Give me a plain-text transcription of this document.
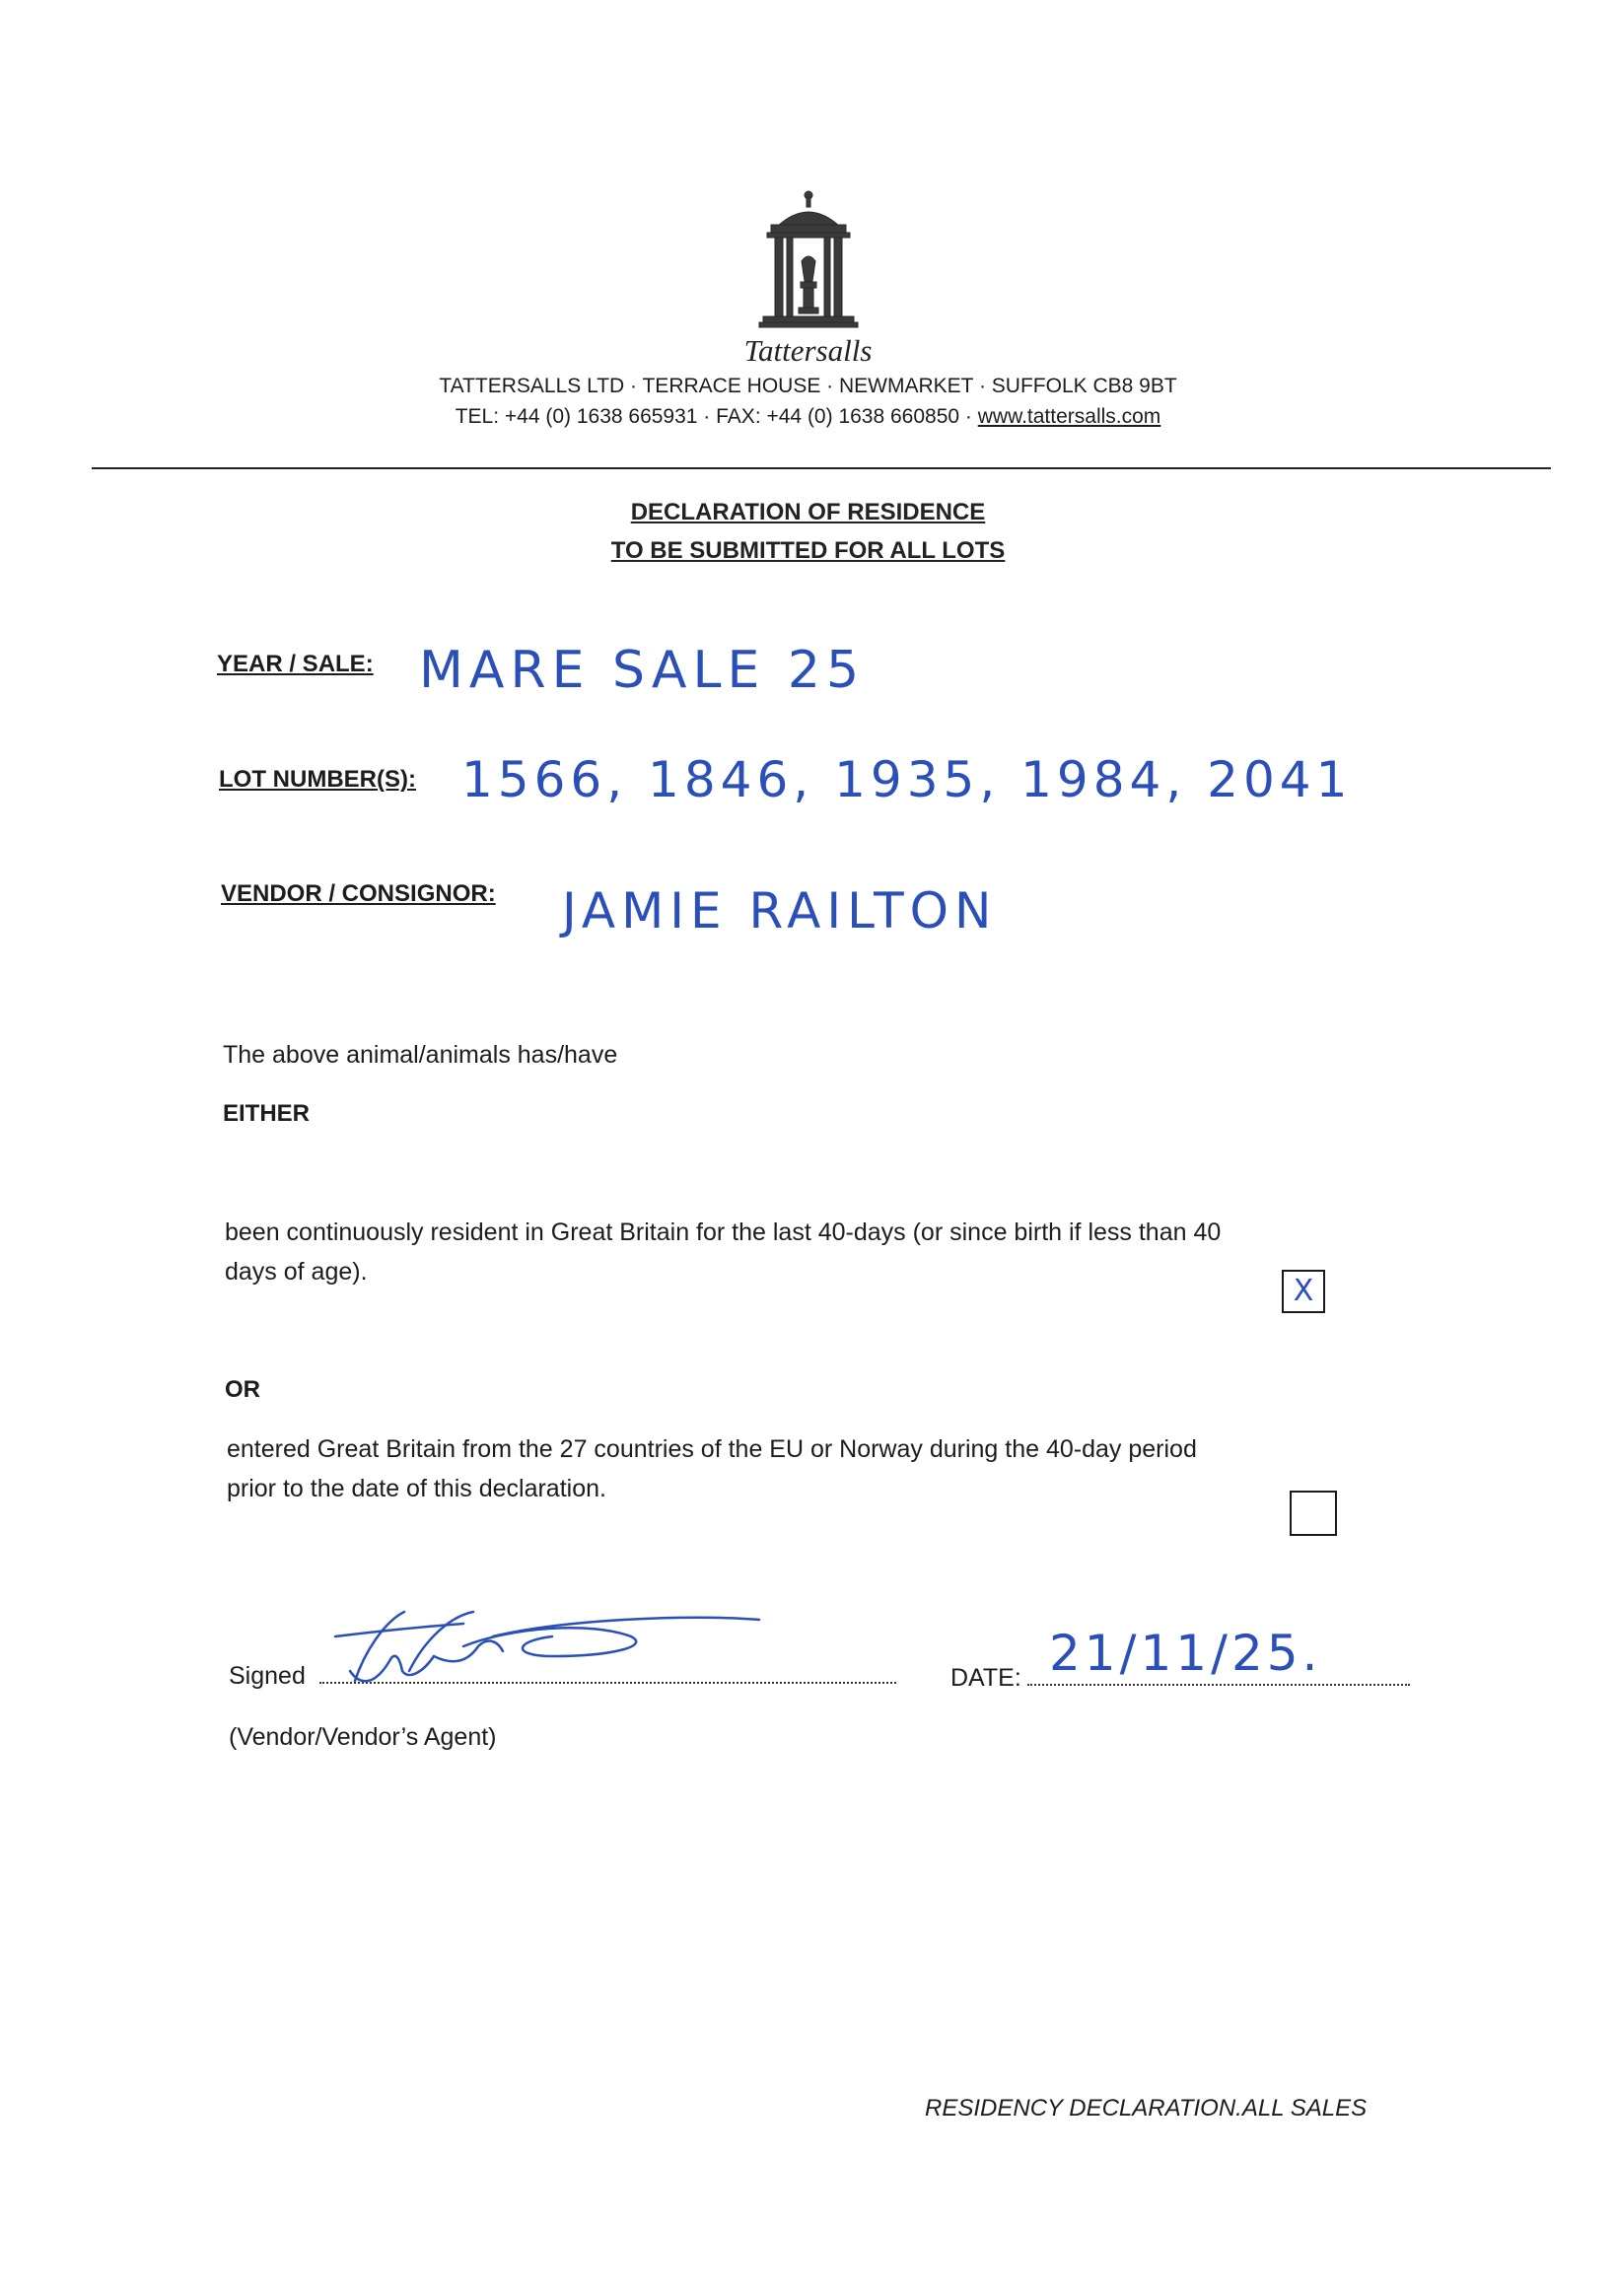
Tattersalls
TATTERSALLS LTD · TERRACE HOUSE · NEWMARKET · SUFFOLK CB8 9BT
TEL: +44 (0) 1638 665931 · FAX: +44 (0) 1638 660850 · www.tattersalls.com
DECLARATION OF RESIDENCE
TO BE SUBMITTED FOR ALL LOTS
YEAR / SALE: MARE SALE 25
LOT NUMBER(S): 1566, 1846, 1935, 1984, 2041
VENDOR / CONSIGNOR: JAMIE RAILTON
The above animal/animals has/have
EITHER
been continuously resident in Great Britain for the last 40-days (or since birth if less than 40
days of age).
X
OR
entered Great Britain from the 27 countries of the EU or Norway during the 40-day period
prior to the date of this declaration.
Signed	DATE: 21/11/25.
(Vendor/Vendor’s Agent)
RESIDENCY DECLARATION.ALL SALES
